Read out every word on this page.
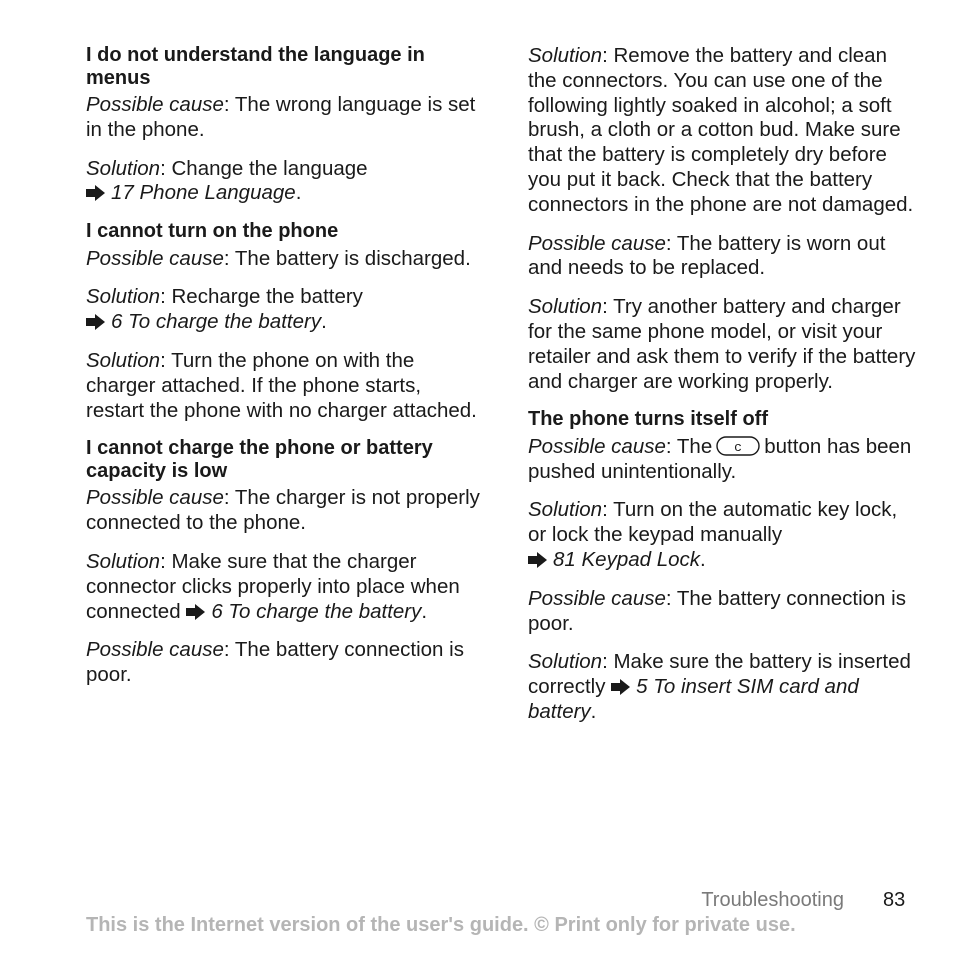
I do not understand the language in menus
Possible cause: The wrong language is set in the phone.
Solution: Change the language

17 Phone Language.
I cannot turn on the phone
Possible cause: The battery is discharged.
Solution: Recharge the battery

6 To charge the battery.
Solution: Turn the phone on with the charger attached. If the phone starts, restart the phone with no charger attached.
I cannot charge the phone or battery capacity is low
Possible cause: The charger is not properly connected to the phone.
Solution: Make sure that the charger connector clicks properly into place when connected 6 To charge the battery.
Possible cause: The battery connection is poor.
Solution: Remove the battery and clean the connectors. You can use one of the following lightly soaked in alcohol; a soft brush, a cloth or a cotton bud. Make sure that the battery is completely dry before you put it back. Check that the battery connectors in the phone are not damaged.
Possible cause: The battery is worn out and needs to be replaced.
Solution: Try another battery and charger for the same phone model, or visit your retailer and ask them to verify if the battery and charger are working properly.
The phone turns itself off
Possible cause: The c button has been pushed unintentionally.
Solution: Turn on the automatic key lock, or lock the keypad manually

81 Keypad Lock.
Possible cause: The battery connection is poor.
Solution: Make sure the battery is inserted correctly 5 To insert SIM card and battery.
Troubleshooting 83
This is the Internet version of the user's guide. © Print only for private use.
